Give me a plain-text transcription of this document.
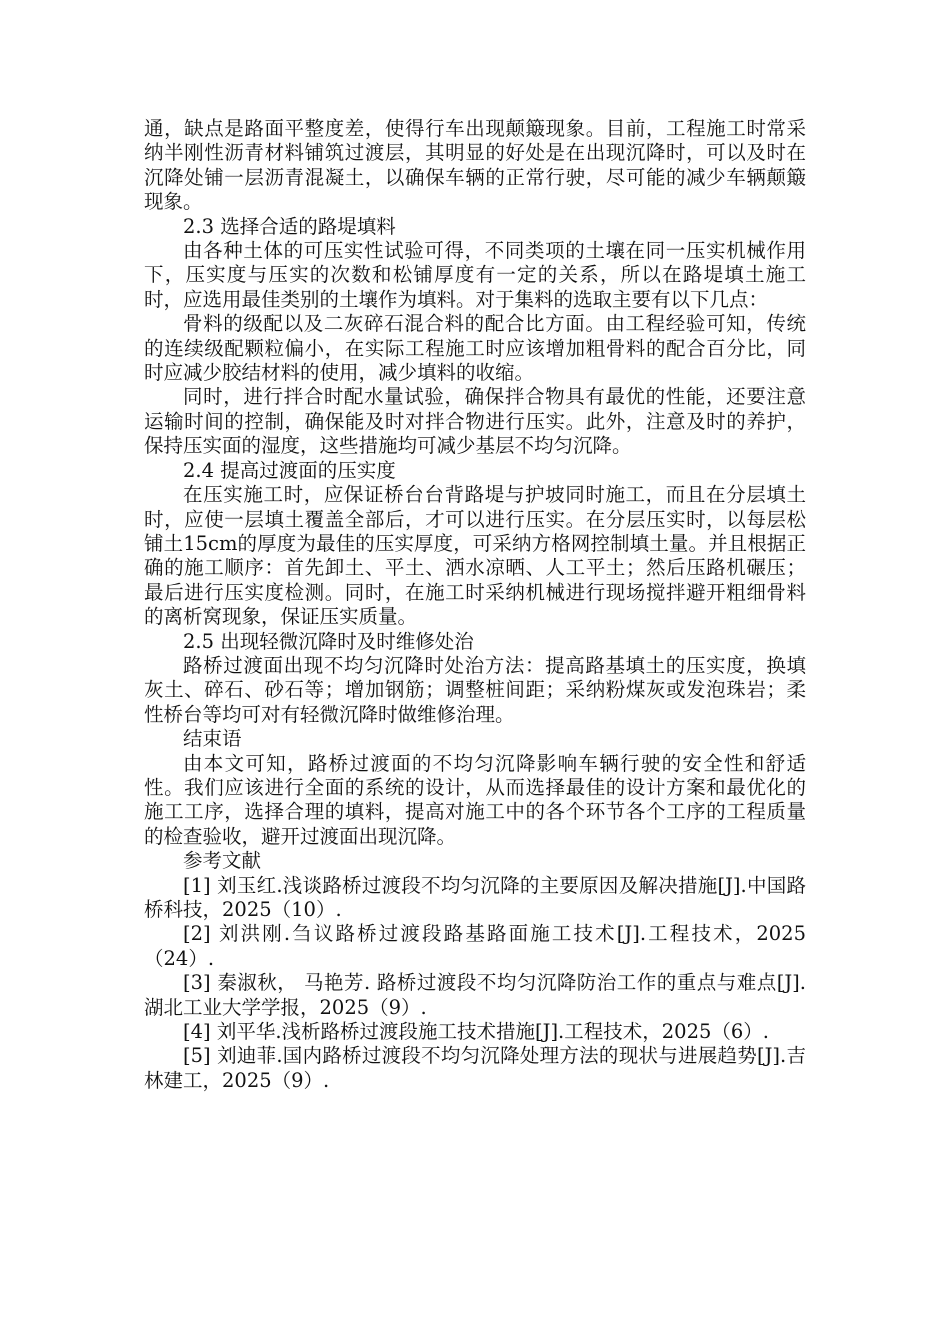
通，缺点是路面平整度差，使得行车出现颠簸现象。目前，工程施工时常采纳半刚性沥青材料铺筑过渡层，其明显的好处是在出现沉降时，可以及时在沉降处铺一层沥青混凝土，以确保车辆的正常行驶，尽可能的减少车辆颠簸现象。

2.3 选择合适的路堤填料

由各种土体的可压实性试验可得，不同类项的土壤在同一压实机械作用下，压实度与压实的次数和松铺厚度有一定的关系，所以在路堤填土施工时，应选用最佳类别的土壤作为填料。对于集料的选取主要有以下几点：

骨料的级配以及二灰碎石混合料的配合比方面。由工程经验可知，传统的连续级配颗粒偏小，在实际工程施工时应该增加粗骨料的配合百分比，同时应减少胶结材料的使用，减少填料的收缩。

同时，进行拌合时配水量试验，确保拌合物具有最优的性能，还要注意运输时间的控制，确保能及时对拌合物进行压实。此外，注意及时的养护，保持压实面的湿度，这些措施均可减少基层不均匀沉降。

2.4 提高过渡面的压实度

在压实施工时，应保证桥台台背路堤与护坡同时施工，而且在分层填土时，应使一层填土覆盖全部后，才可以进行压实。在分层压实时，以每层松铺土15cm的厚度为最佳的压实厚度，可采纳方格网控制填土量。并且根据正确的施工顺序：首先卸土、平土、洒水凉晒、人工平土；然后压路机碾压；最后进行压实度检测。同时，在施工时采纳机械进行现场搅拌避开粗细骨料的离析窝现象，保证压实质量。

2.5 出现轻微沉降时及时维修处治

路桥过渡面出现不均匀沉降时处治方法：提高路基填土的压实度，换填灰土、碎石、砂石等；增加钢筋；调整桩间距；采纳粉煤灰或发泡珠岩；柔性桥台等均可对有轻微沉降时做维修治理。

结束语

由本文可知，路桥过渡面的不均匀沉降影响车辆行驶的安全性和舒适性。我们应该进行全面的系统的设计，从而选择最佳的设计方案和最优化的施工工序，选择合理的填料，提高对施工中的各个环节各个工序的工程质量的检查验收，避开过渡面出现沉降。

参考文献

[1] 刘玉红.浅谈路桥过渡段不均匀沉降的主要原因及解决措施[J].中国路桥科技，2025（10）.

[2] 刘洪刚.刍议路桥过渡段路基路面施工技术[J].工程技术，2025（24）.

[3] 秦淑秋， 马艳芳. 路桥过渡段不均匀沉降防治工作的重点与难点[J].湖北工业大学学报，2025（9）.

[4] 刘平华.浅析路桥过渡段施工技术措施[J].工程技术，2025（6）.

[5] 刘迪菲.国内路桥过渡段不均匀沉降处理方法的现状与进展趋势[J].吉林建工，2025（9）.
